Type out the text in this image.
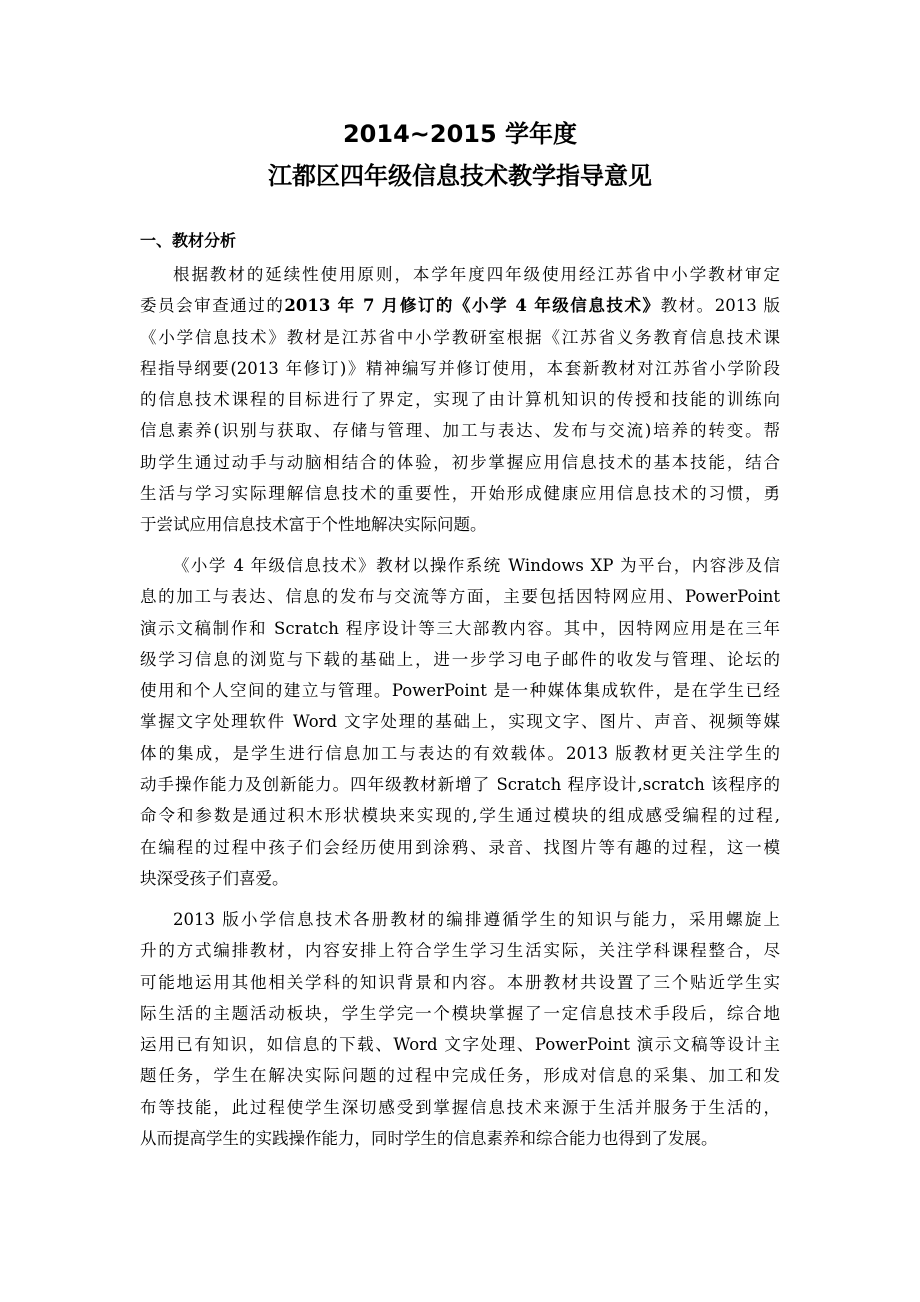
2014~2015 学年度
江都区四年级信息技术教学指导意见
一、教材分析
根据教材的延续性使用原则，本学年度四年级使用经江苏省中小学教材审定
委员会审查通过的2013 年 7 月修订的《小学 4 年级信息技术》教材。2013 版
《小学信息技术》教材是江苏省中小学教研室根据《江苏省义务教育信息技术课
程指导纲要(2013 年修订)》精神编写并修订使用，本套新教材对江苏省小学阶段
的信息技术课程的目标进行了界定，实现了由计算机知识的传授和技能的训练向
信息素养(识别与获取、存储与管理、加工与表达、发布与交流)培养的转变。帮
助学生通过动手与动脑相结合的体验，初步掌握应用信息技术的基本技能，结合
生活与学习实际理解信息技术的重要性，开始形成健康应用信息技术的习惯，勇
于尝试应用信息技术富于个性地解决实际问题。
《小学 4 年级信息技术》教材以操作系统 Windows XP 为平台，内容涉及信
息的加工与表达、信息的发布与交流等方面，主要包括因特网应用、PowerPoint
演示文稿制作和 Scratch 程序设计等三大部教内容。其中，因特网应用是在三年
级学习信息的浏览与下载的基础上，进一步学习电子邮件的收发与管理、论坛的
使用和个人空间的建立与管理。PowerPoint 是一种媒体集成软件，是在学生已经
掌握文字处理软件 Word 文字处理的基础上，实现文字、图片、声音、视频等媒
体的集成，是学生进行信息加工与表达的有效载体。2013 版教材更关注学生的
动手操作能力及创新能力。四年级教材新增了 Scratch 程序设计,scratch 该程序的
命令和参数是通过积木形状模块来实现的,学生通过模块的组成感受编程的过程,
在编程的过程中孩子们会经历使用到涂鸦、录音、找图片等有趣的过程，这一模
块深受孩子们喜爱。
2013 版小学信息技术各册教材的编排遵循学生的知识与能力，采用螺旋上
升的方式编排教材，内容安排上符合学生学习生活实际，关注学科课程整合，尽
可能地运用其他相关学科的知识背景和内容。本册教材共设置了三个贴近学生实
际生活的主题活动板块，学生学完一个模块掌握了一定信息技术手段后，综合地
运用已有知识，如信息的下载、Word 文字处理、PowerPoint 演示文稿等设计主
题任务，学生在解决实际问题的过程中完成任务，形成对信息的采集、加工和发
布等技能，此过程使学生深切感受到掌握信息技术来源于生活并服务于生活的，
从而提高学生的实践操作能力，同时学生的信息素养和综合能力也得到了发展。
